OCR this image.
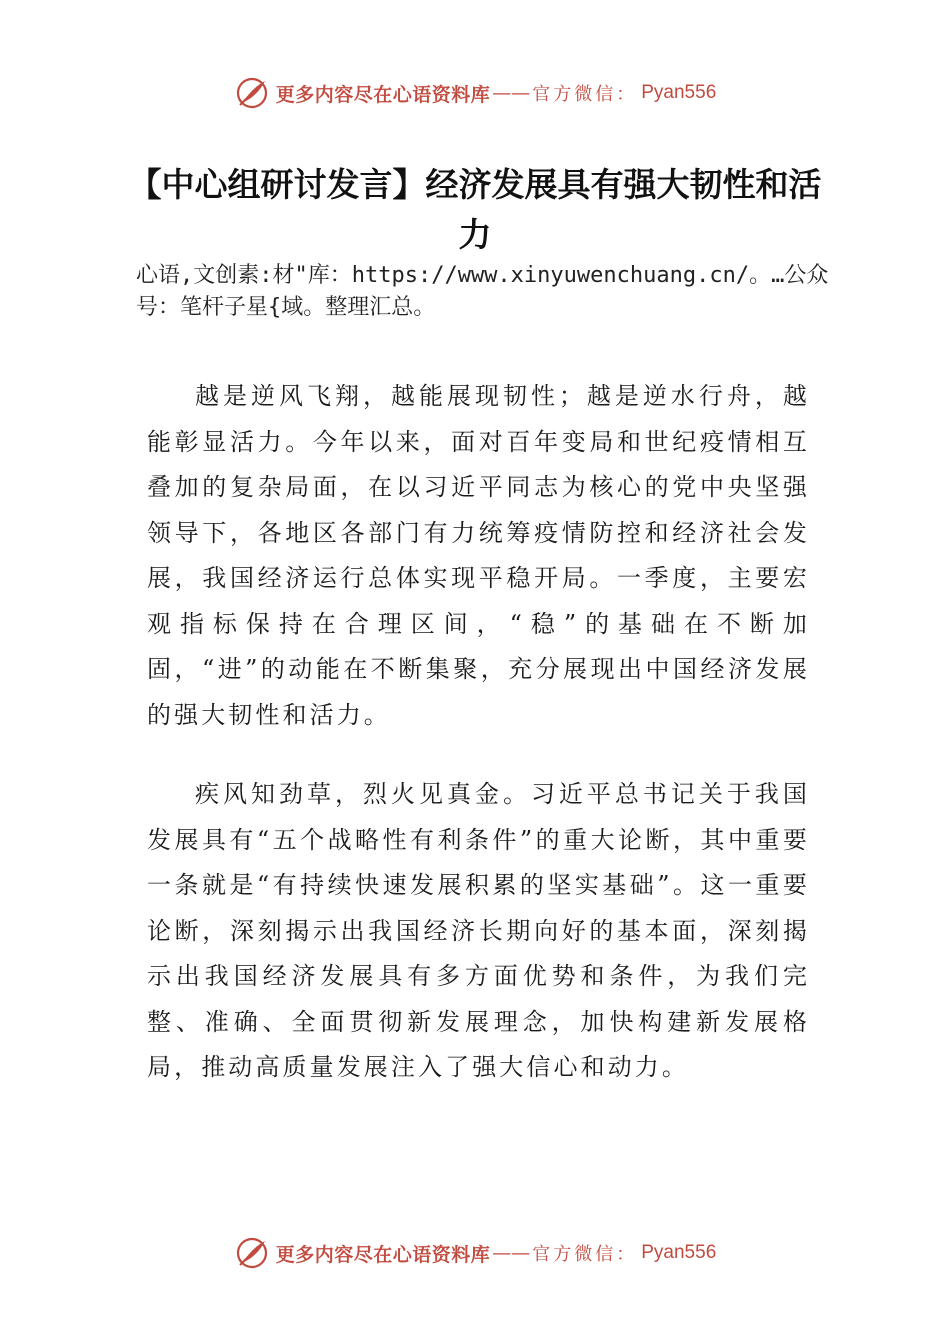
更多内容尽在心语资料库 —— 官方微信： Pyan556
【中心组研讨发言】经济发展具有强大韧性和活力
心语,文创素:材"库：https://www.xinyuwenchuang.cn/。…公众号：笔杆子星{域。整理汇总。

越是逆风飞翔，越能展现韧性；越是逆水行舟，越能彰显活力。今年以来，面对百年变局和世纪疫情相互叠加的复杂局面，在以习近平同志为核心的党中央坚强领导下，各地区各部门有力统筹疫情防控和经济社会发展，我国经济运行总体实现平稳开局。一季度，主要宏观指标保持在合理区间，“稳”的基础在不断加固，“进”的动能在不断集聚，充分展现出中国经济发展的强大韧性和活力。

疾风知劲草，烈火见真金。习近平总书记关于我国发展具有“五个战略性有利条件”的重大论断，其中重要一条就是“有持续快速发展积累的坚实基础”。这一重要论断，深刻揭示出我国经济长期向好的基本面，深刻揭示出我国经济发展具有多方面优势和条件，为我们完整、准确、全面贯彻新发展理念，加快构建新发展格局，推动高质量发展注入了强大信心和动力。

更多内容尽在心语资料库 —— 官方微信： Pyan556
